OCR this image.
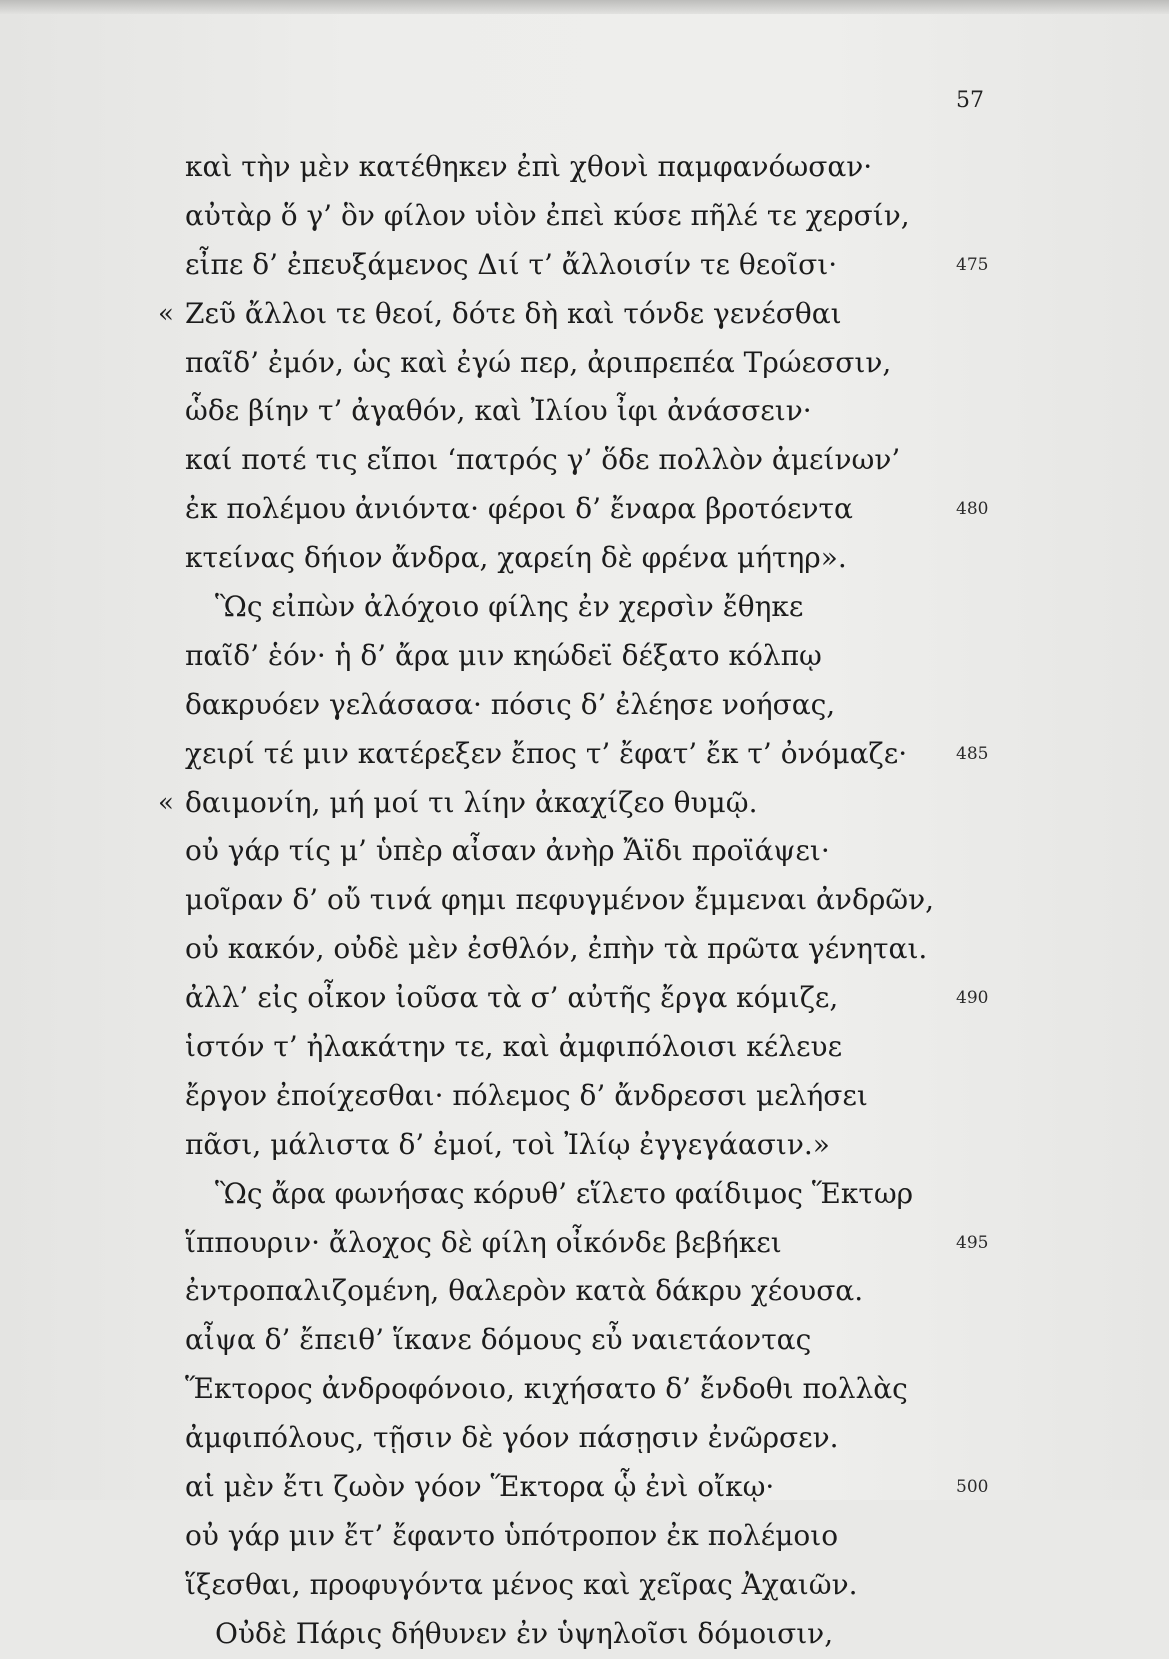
57
καὶ τὴν μὲν κατέθηκεν ἐπὶ χθονὶ παμφανόωσαν·
αὐτὰρ ὅ γ’ ὃν φίλον υἱὸν ἐπεὶ κύσε πῆλέ τε χερσίν,
εἶπε δ’ ἐπευξάμενος Διί τ’ ἄλλοισίν τε θεοῖσι·	475
« Ζεῦ ἄλλοι τε θεοί, δότε δὴ καὶ τόνδε γενέσθαι
παῖδ’ ἐμόν, ὡς καὶ ἐγώ περ, ἀριπρεπέα Τρώεσσιν,
ὧδε βίην τ’ ἀγαθόν, καὶ Ἰλίου ἶφι ἀνάσσειν·
καί ποτέ τις εἴποι ‘πατρός γ’ ὅδε πολλὸν ἀμείνων’
ἐκ πολέμου ἀνιόντα· φέροι δ’ ἔναρα βροτόεντα	480
κτείνας δήιον ἄνδρα, χαρείη δὲ φρένα μήτηρ».
Ὣς εἰπὼν ἀλόχοιο φίλης ἐν χερσὶν ἔθηκε
παῖδ’ ἑόν· ἡ δ’ ἄρα μιν κηώδεϊ δέξατο κόλπῳ
δακρυόεν γελάσασα· πόσις δ’ ἐλέησε νοήσας,
χειρί τέ μιν κατέρεξεν ἔπος τ’ ἔφατ’ ἔκ τ’ ὀνόμαζε·	485
« δαιμονίη, μή μοί τι λίην ἀκαχίζεο θυμῷ.
οὐ γάρ τίς μ’ ὑπὲρ αἶσαν ἀνὴρ Ἄϊδι προϊάψει·
μοῖραν δ’ οὔ τινά φημι πεφυγμένον ἔμμεναι ἀνδρῶν,
οὐ κακόν, οὐδὲ μὲν ἐσθλόν, ἐπὴν τὰ πρῶτα γένηται.
ἀλλ’ εἰς οἶκον ἰοῦσα τὰ σ’ αὐτῆς ἔργα κόμιζε,	490
ἱστόν τ’ ἠλακάτην τε, καὶ ἀμφιπόλοισι κέλευε
ἔργον ἐποίχεσθαι· πόλεμος δ’ ἄνδρεσσι μελήσει
πᾶσι, μάλιστα δ’ ἐμοί, τοὶ Ἰλίῳ ἐγγεγάασιν.»
Ὣς ἄρα φωνήσας κόρυθ’ εἵλετο φαίδιμος Ἕκτωρ
ἵππουριν· ἄλοχος δὲ φίλη οἶκόνδε βεβήκει	495
ἐντροπαλιζομένη, θαλερὸν κατὰ δάκρυ χέουσα.
αἶψα δ’ ἔπειθ’ ἵκανε δόμους εὖ ναιετάοντας
Ἕκτορος ἀνδροφόνοιο, κιχήσατο δ’ ἔνδοθι πολλὰς
ἀμφιπόλους, τῇσιν δὲ γόον πάσῃσιν ἐνῶρσεν.
αἱ μὲν ἔτι ζωὸν γόον Ἕκτορα ᾧ ἐνὶ οἴκῳ·	500
οὐ γάρ μιν ἔτ’ ἔφαντο ὑπότροπον ἐκ πολέμοιο
ἵξεσθαι, προφυγόντα μένος καὶ χεῖρας Ἀχαιῶν.
Οὐδὲ Πάρις δήθυνεν ἐν ὑψηλοῖσι δόμοισιν,
